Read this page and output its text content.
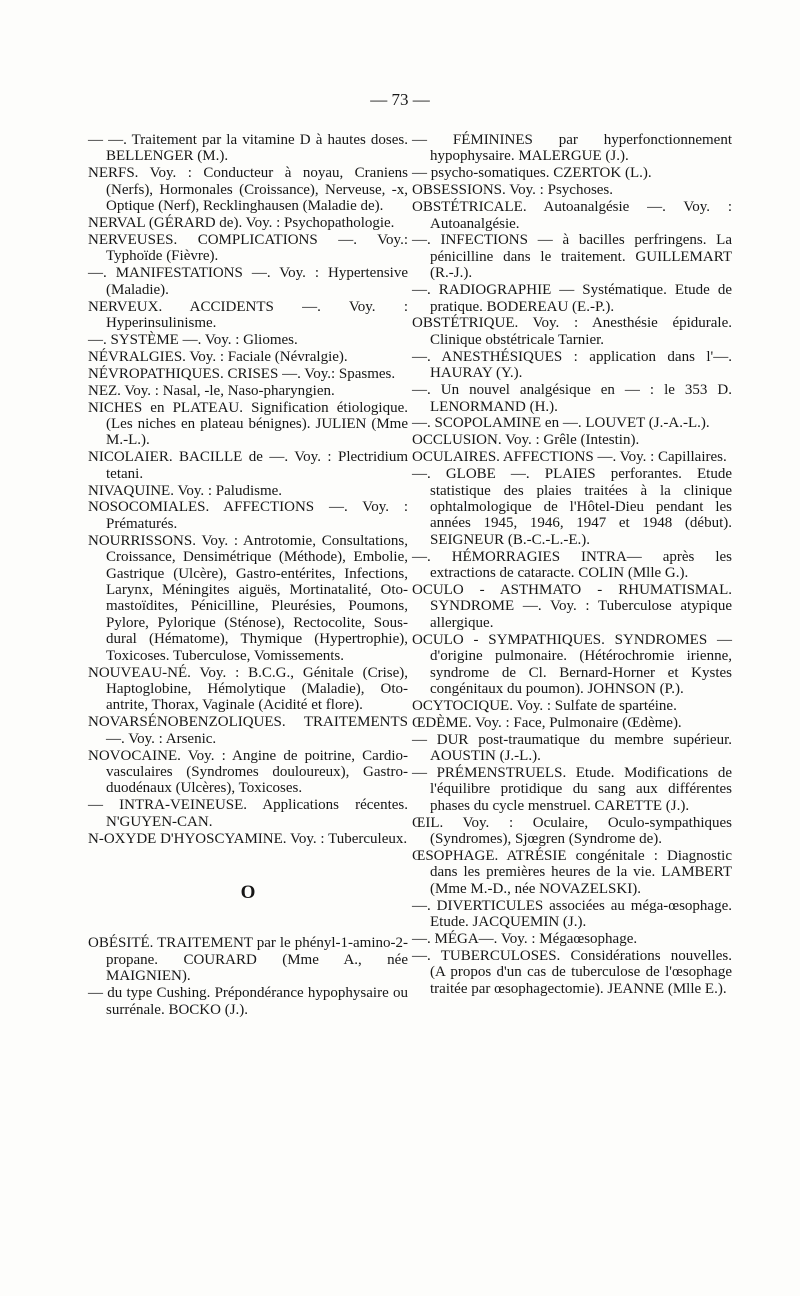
— 73 —

— —. Traitement par la vitamine D à hautes doses. BELLENGER (M.).

NERFS. Voy. : Conducteur à noyau, Craniens (Nerfs), Hormonales (Croissance), Nerveuse, -x, Optique (Nerf), Recklinghausen (Maladie de).

NERVAL (GÉRARD de). Voy. : Psychopathologie.

NERVEUSES. COMPLICATIONS —. Voy.: Typhoïde (Fièvre).

—. MANIFESTATIONS —. Voy. : Hypertensive (Maladie).

NERVEUX. ACCIDENTS —. Voy. : Hyperinsulinisme.

—. SYSTÈME —. Voy. : Gliomes.

NÉVRALGIES. Voy. : Faciale (Névralgie).

NÉVROPATHIQUES. CRISES —. Voy.: Spasmes.

NEZ. Voy. : Nasal, -le, Naso-pharyngien.

NICHES en PLATEAU. Signification étiologique. (Les niches en plateau bénignes). JULIEN (Mme M.-L.).

NICOLAIER. BACILLE de —. Voy. : Plectridium tetani.

NIVAQUINE. Voy. : Paludisme.

NOSOCOMIALES. AFFECTIONS —. Voy. : Prématurés.

NOURRISSONS. Voy. : Antrotomie, Consultations, Croissance, Densimétrique (Méthode), Embolie, Gastrique (Ulcère), Gastro-entérites, Infections, Larynx, Méningites aiguës, Mortinatalité, Oto-mastoïdites, Pénicilline, Pleurésies, Poumons, Pylore, Pylorique (Sténose), Rectocolite, Sous-dural (Hématome), Thymique (Hypertrophie), Toxicoses. Tuberculose, Vomissements.

NOUVEAU-NÉ. Voy. : B.C.G., Génitale (Crise), Haptoglobine, Hémolytique (Maladie), Oto-antrite, Thorax, Vaginale (Acidité et flore).

NOVARSÉNOBENZOLIQUES. TRAITEMENTS —. Voy. : Arsenic.

NOVOCAINE. Voy. : Angine de poitrine, Cardio-vasculaires (Syndromes douloureux), Gastro-duodénaux (Ulcères), Toxicoses.

— INTRA-VEINEUSE. Applications récentes. N'GUYEN-CAN.

N-OXYDE D'HYOSCYAMINE. Voy. : Tuberculeux.

O

OBÉSITÉ. TRAITEMENT par le phényl-1-amino-2-propane. COURARD (Mme A., née MAIGNIEN).

— du type Cushing. Prépondérance hypophysaire ou surrénale. BOCKO (J.).

— FÉMININES par hyperfonctionnement hypophysaire. MALERGUE (J.).

— psycho-somatiques. CZERTOK (L.).

OBSESSIONS. Voy. : Psychoses.

OBSTÉTRICALE. Autoanalgésie —. Voy. : Autoanalgésie.

—. INFECTIONS — à bacilles perfringens. La pénicilline dans le traitement. GUILLEMART (R.-J.).

—. RADIOGRAPHIE — Systématique. Etude de pratique. BODEREAU (E.-P.).

OBSTÉTRIQUE. Voy. : Anesthésie épidurale. Clinique obstétricale Tarnier.

—. ANESTHÉSIQUES : application dans l'—. HAURAY (Y.).

—. Un nouvel analgésique en — : le 353 D. LENORMAND (H.).

—. SCOPOLAMINE en —. LOUVET (J.-A.-L.).

OCCLUSION. Voy. : Grêle (Intestin).

OCULAIRES. AFFECTIONS —. Voy. : Capillaires.

—. GLOBE —. PLAIES perforantes. Etude statistique des plaies traitées à la clinique ophtalmologique de l'Hôtel-Dieu pendant les années 1945, 1946, 1947 et 1948 (début). SEIGNEUR (B.-C.-L.-E.).

—. HÉMORRAGIES INTRA— après les extractions de cataracte. COLIN (Mlle G.).

OCULO - ASTHMATO - RHUMATISMAL. SYNDROME —. Voy. : Tuberculose atypique allergique.

OCULO - SYMPATHIQUES. SYNDROMES — d'origine pulmonaire. (Hétérochromie irienne, syndrome de Cl. Bernard-Horner et Kystes congénitaux du poumon). JOHNSON (P.).

OCYTOCIQUE. Voy. : Sulfate de spartéine.

ŒDÈME. Voy. : Face, Pulmonaire (Œdème).

— DUR post-traumatique du membre supérieur. AOUSTIN (J.-L.).

— PRÉMENSTRUELS. Etude. Modifications de l'équilibre protidique du sang aux différentes phases du cycle menstruel. CARETTE (J.).

ŒIL. Voy. : Oculaire, Oculo-sympathiques (Syndromes), Sjœgren (Syndrome de).

ŒSOPHAGE. ATRÉSIE congénitale : Diagnostic dans les premières heures de la vie. LAMBERT (Mme M.-D., née NOVAZELSKI).

—. DIVERTICULES associées au méga-œsophage. Etude. JACQUEMIN (J.).

—. MÉGA—. Voy. : Mégaœsophage.

—. TUBERCULOSES. Considérations nouvelles. (A propos d'un cas de tuberculose de l'œsophage traitée par œsophagectomie). JEANNE (Mlle E.).
